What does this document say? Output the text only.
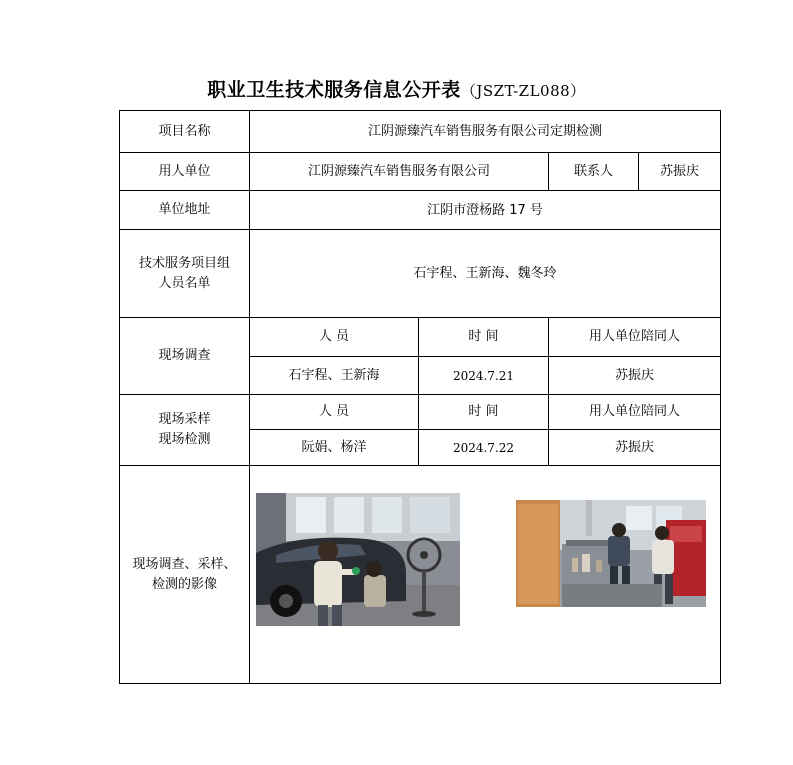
职业卫生技术服务信息公开表（JSZT-ZL088）
项目名称	江阴源臻汽车销售服务有限公司定期检测			
用人单位	江阴源臻汽车销售服务有限公司		联系人	苏振庆
单位地址	江阴市澄杨路 17 号			

技术服务项目组
人员名单	石宇程、王新海、魏冬玲			
现场调查	人 员	时 间	用人单位陪同人	
	石宇程、王新海	2024.7.21	苏振庆	

现场采样
现场检测	人 员	时 间	用人单位陪同人	
	阮娟、杨洋	2024.7.22	苏振庆	

现场调查、采样、
检测的影像
